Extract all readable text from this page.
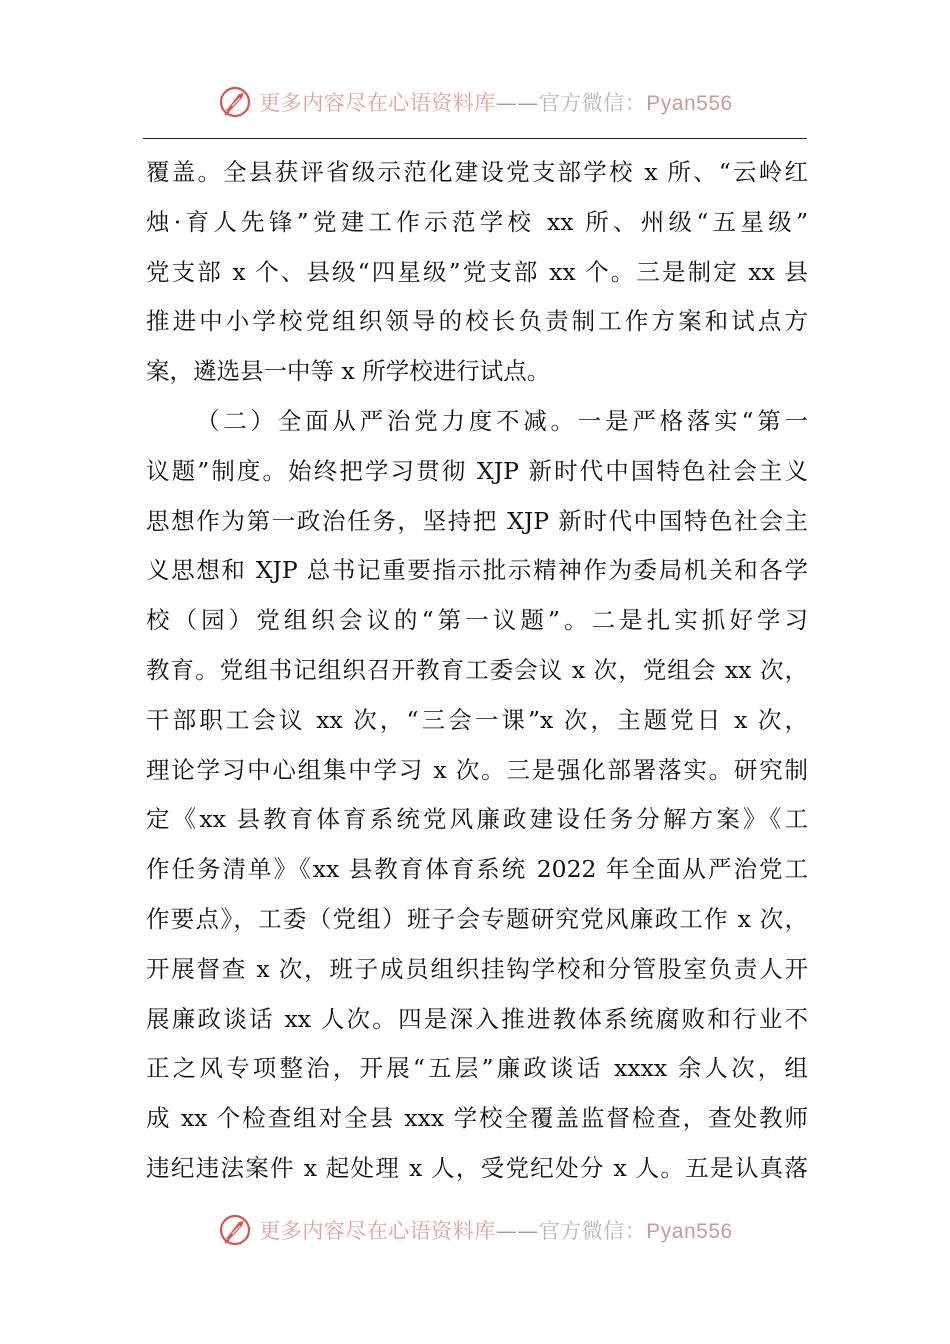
更多内容尽在心语资料库——官方微信：Pyan556
覆盖。全县获评省级示范化建设党支部学校 x 所、“云岭红
烛·育人先锋”党建工作示范学校 xx 所、州级“五星级”
党支部 x 个、县级“四星级”党支部 xx 个。三是制定 xx 县
推进中小学校党组织领导的校长负责制工作方案和试点方
案，遴选县一中等 x 所学校进行试点。
（二）全面从严治党力度不减。一是严格落实“第一
议题”制度。始终把学习贯彻 XJP 新时代中国特色社会主义
思想作为第一政治任务，坚持把 XJP 新时代中国特色社会主
义思想和 XJP 总书记重要指示批示精神作为委局机关和各学
校（园）党组织会议的“第一议题”。二是扎实抓好学习
教育。党组书记组织召开教育工委会议 x 次，党组会 xx 次，
干部职工会议 xx 次，“三会一课”x 次，主题党日 x 次，
理论学习中心组集中学习 x 次。三是强化部署落实。研究制
定《xx 县教育体育系统党风廉政建设任务分解方案》《工
作任务清单》《xx 县教育体育系统 2022 年全面从严治党工
作要点》，工委（党组）班子会专题研究党风廉政工作 x 次，
开展督查 x 次，班子成员组织挂钩学校和分管股室负责人开
展廉政谈话 xx 人次。四是深入推进教体系统腐败和行业不
正之风专项整治，开展“五层”廉政谈话 xxxx 余人次，组
成 xx 个检查组对全县 xxx 学校全覆盖监督检查，查处教师
违纪违法案件 x 起处理 x 人，受党纪处分 x 人。五是认真落
更多内容尽在心语资料库——官方微信：Pyan556
